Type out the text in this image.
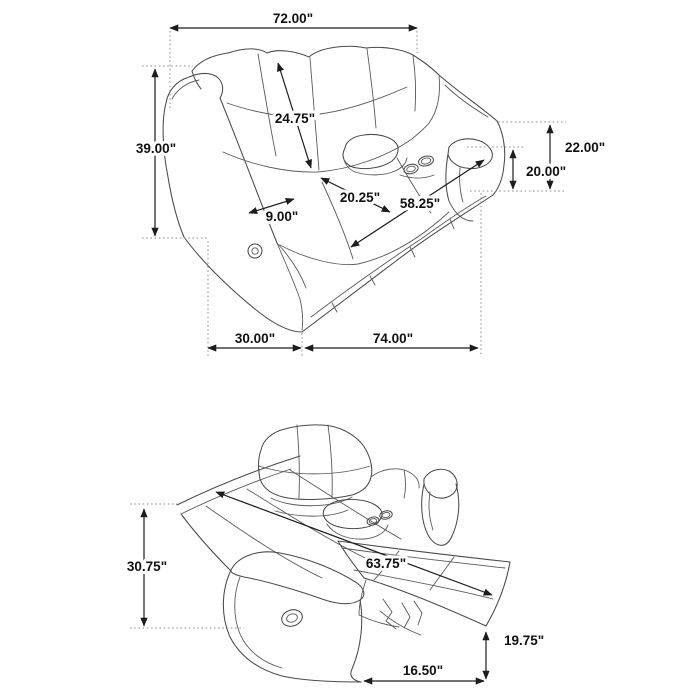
72.00"
39.00"
24.75"
20.25" 58.25"
9.00"
22.00"
20.00"
30.00"	74.00"
30.75"	63.75"
19.75"
16.50"
